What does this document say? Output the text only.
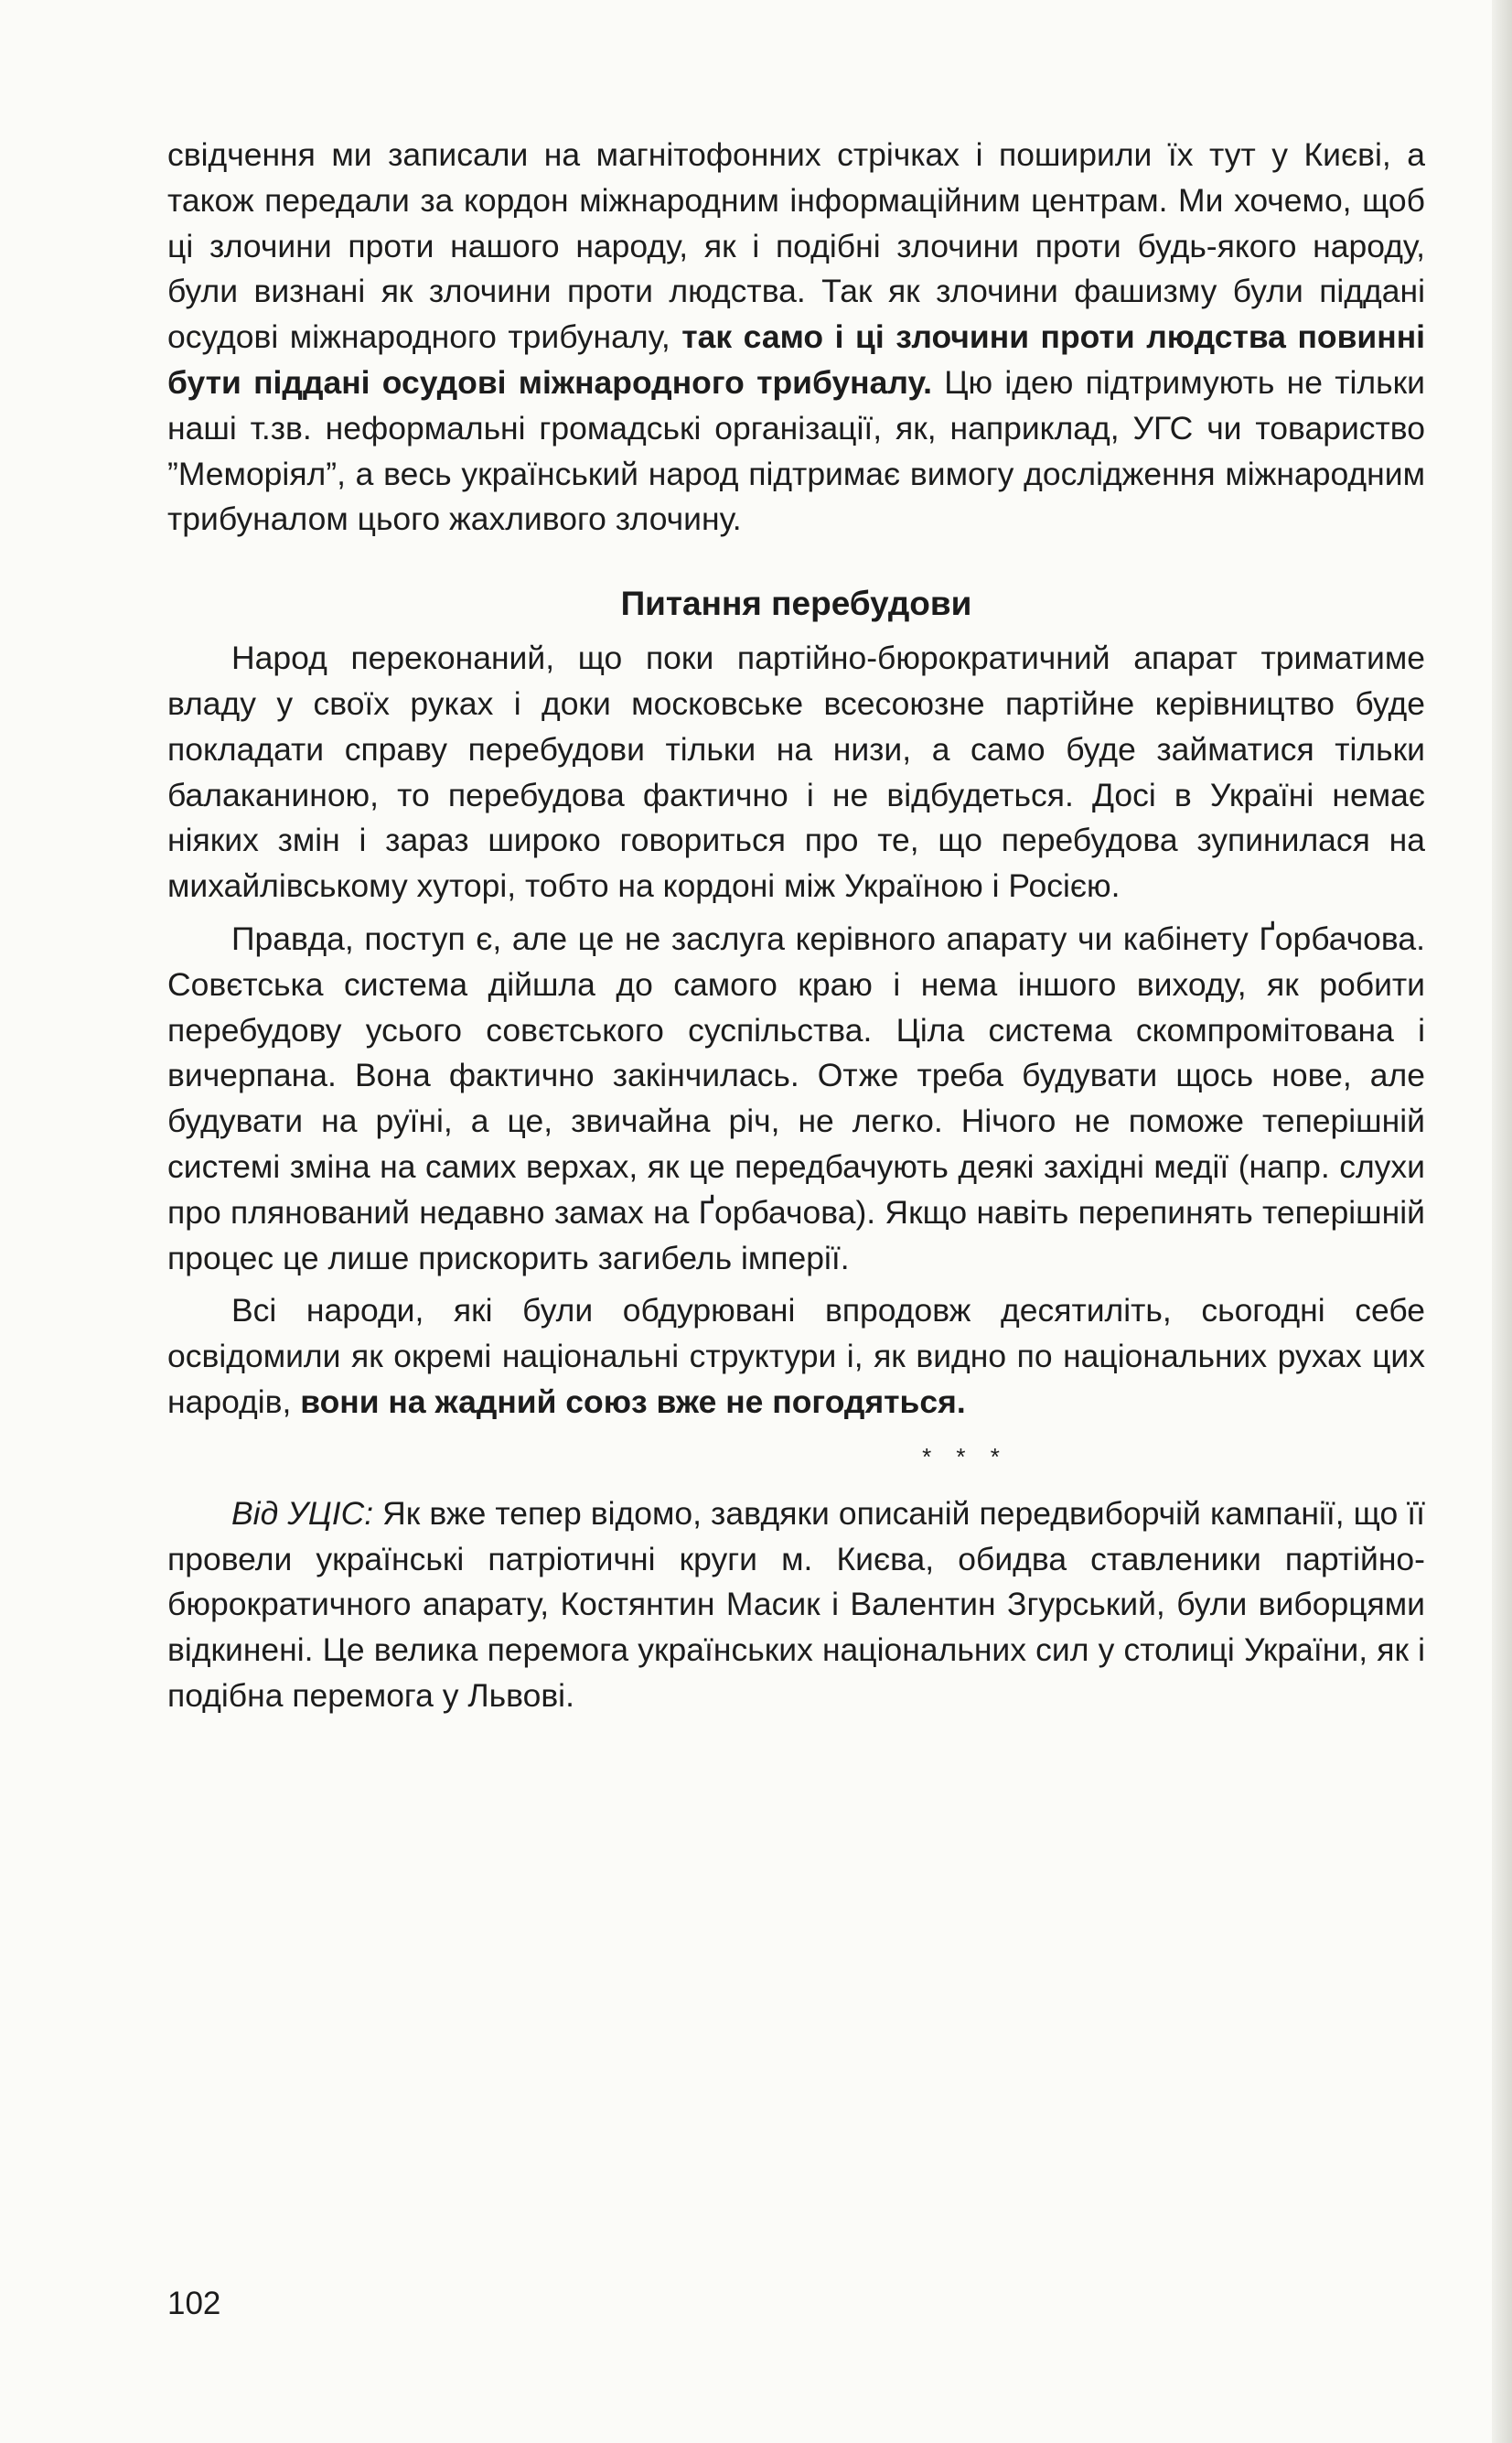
свідчення ми записали на магнітофонних стрічках і поширили їх тут у Києві, а також передали за кордон міжнародним інформаційним центрам. Ми хочемо, щоб ці злочини проти нашого народу, як і подібні злочини проти будь-якого народу, були визнані як злочини проти людства. Так як злочини фашизму були піддані осудові міжнародного трибуналу, так само і ці злочини проти людства повинні бути піддані осудові міжнародного трибуналу. Цю ідею підтримують не тільки наші т.зв. неформальні громадські організації, як, наприклад, УГС чи товариство ”Меморіял”, а весь український народ підтримає вимогу дослідження міжнародним трибуналом цього жахливого злочину.

Питання перебудови

Народ переконаний, що поки партійно-бюрократичний апарат триматиме владу у своїх руках і доки московське всесоюзне партійне керівництво буде покладати справу перебудови тільки на низи, а само буде займатися тільки балаканиною, то перебудова фактично і не відбудеться. Досі в Україні немає ніяких змін і зараз широко говориться про те, що перебудова зупинилася на михайлівському хуторі, тобто на кордоні між Україною і Росією.

Правда, поступ є, але це не заслуга керівного апарату чи кабінету Ґорбачова. Совєтська система дійшла до самого краю і нема іншого виходу, як робити перебудову усього совєтського суспільства. Ціла система скомпромітована і вичерпана. Вона фактично закінчилась. Отже треба будувати щось нове, але будувати на руїні, а це, звичайна річ, не легко. Нічого не поможе теперішній системі зміна на самих верхах, як це передбачують деякі західні медії (напр. слухи про плянований недавно замах на Ґорбачова). Якщо навіть перепинять теперішній процес це лише прискорить загибель імперії.

Всі народи, які були обдурювані впродовж десятиліть, сьогодні себе освідомили як окремі національні структури і, як видно по національних рухах цих народів, вони на жадний союз вже не погодяться.

* * *

Від УЦІС: Як вже тепер відомо, завдяки описаній передвиборчій кампанії, що її провели українські патріотичні круги м. Києва, обидва ставленики партійно-бюрократичного апарату, Костянтин Масик і Валентин Згурський, були виборцями відкинені. Це велика перемога українських національних сил у столиці України, як і подібна перемога у Львові.

102
